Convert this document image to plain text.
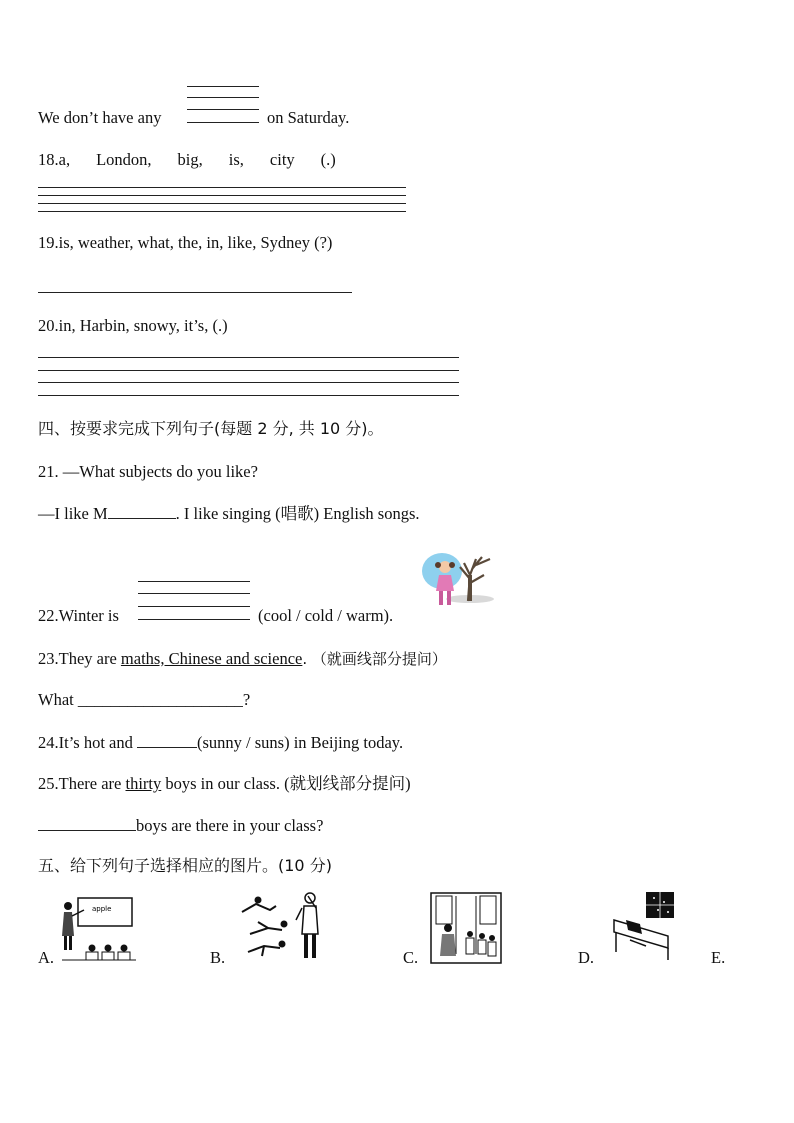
We don’t have any	on Saturday.
18.a, London, big, is, city (.)
19.is, weather, what, the, in, like, Sydney (?)
20.in, Harbin, snowy, it’s, (.)
四、按要求完成下列句子(每题 2 分, 共 10 分)。
21. —What subjects do you like?
—I like M	. I like singing (唱歌) English songs.
22.Winter is	(cool / cold / warm).
23.They are maths, Chinese and science. （就画线部分提问）
What ____________________?
24.It’s hot and	(sunny / suns) in Beijing today.
25.There are thirty boys in our class. (就划线部分提问)
boys are there in your class?
五、给下列句子选择相应的图片。(10 分)
A.
apple
B.	C.	D.	E.
